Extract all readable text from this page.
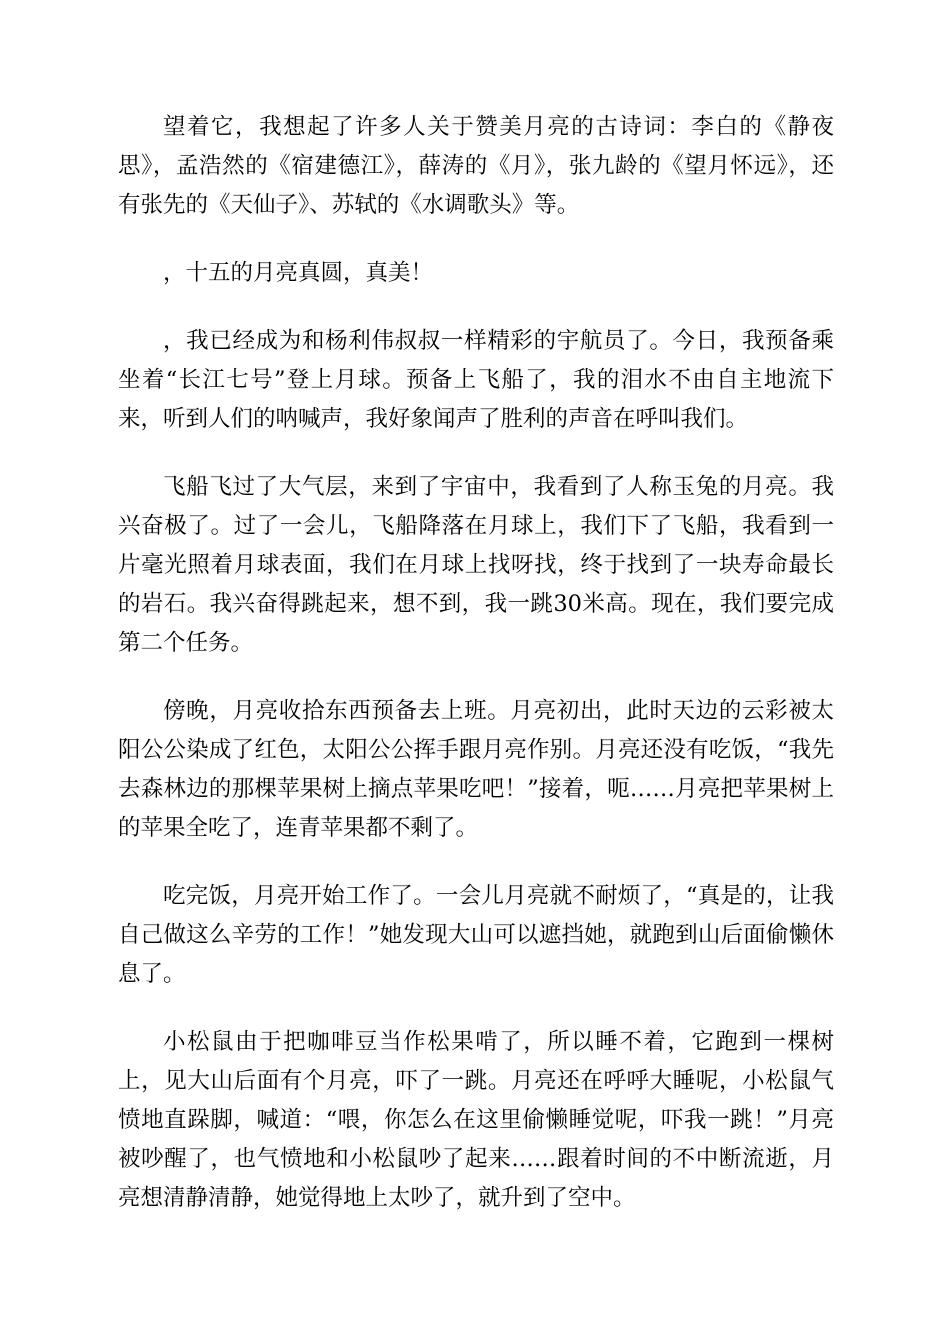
望着它，我想起了许多人关于赞美月亮的古诗词：李白的《静夜思》，孟浩然的《宿建德江》，薛涛的《月》，张九龄的《望月怀远》，还有张先的《天仙子》、苏轼的《水调歌头》等。

，十五的月亮真圆，真美！

，我已经成为和杨利伟叔叔一样精彩的宇航员了。今日，我预备乘坐着“长江七号”登上月球。预备上飞船了，我的泪水不由自主地流下来，听到人们的呐喊声，我好象闻声了胜利的声音在呼叫我们。

飞船飞过了大气层，来到了宇宙中，我看到了人称玉兔的月亮。我兴奋极了。过了一会儿，飞船降落在月球上，我们下了飞船，我看到一片毫光照着月球表面，我们在月球上找呀找，终于找到了一块寿命最长的岩石。我兴奋得跳起来，想不到，我一跳30米高。现在，我们要完成第二个任务。

傍晚，月亮收拾东西预备去上班。月亮初出，此时天边的云彩被太阳公公染成了红色，太阳公公挥手跟月亮作别。月亮还没有吃饭，“我先去森林边的那棵苹果树上摘点苹果吃吧！”接着，呃……月亮把苹果树上的苹果全吃了，连青苹果都不剩了。

吃完饭，月亮开始工作了。一会儿月亮就不耐烦了，“真是的，让我自己做这么辛劳的工作！”她发现大山可以遮挡她，就跑到山后面偷懒休息了。

小松鼠由于把咖啡豆当作松果啃了，所以睡不着，它跑到一棵树上，见大山后面有个月亮，吓了一跳。月亮还在呼呼大睡呢，小松鼠气愤地直跺脚，喊道：“喂，你怎么在这里偷懒睡觉呢，吓我一跳！”月亮被吵醒了，也气愤地和小松鼠吵了起来……跟着时间的不中断流逝，月亮想清静清静，她觉得地上太吵了，就升到了空中。
